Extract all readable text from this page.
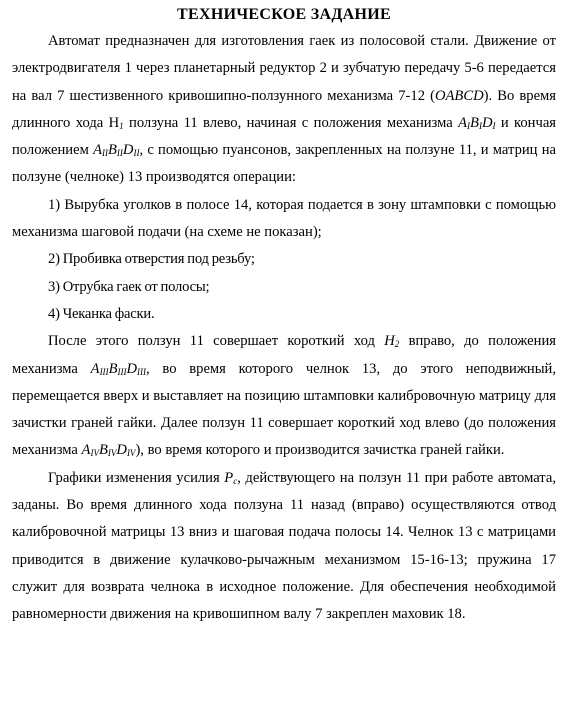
ТЕХНИЧЕСКОЕ ЗАДАНИЕ

Автомат предназначен для изготовления гаек из полосовой стали. Движение от электродвигателя 1 через планетарный редуктор 2 и зубчатую передачу 5-6 передается на вал 7 шестизвенного кривошипно-ползунного механизма 7-12 (OABCD). Во время длинного хода $H_1$ ползуна 11 влево, начиная с положения механизма $A_IB_ID_I$ и кончая положением $A_{II}B_{II}D_{II}$, с помощью пуансонов, закрепленных на ползуне 11, и матриц на ползуне (челноке) 13 производятся операции:

1) Вырубка уголков в полосе 14, которая подается в зону штамповки с помощью механизма шаговой подачи (на схеме не показан);

2) Пробивка отверстия под резьбу;

3) Отрубка гаек от полосы;

4) Чеканка фаски.

После этого ползун 11 совершает короткий ход $H_2$ вправо, до положения механизма $A_{III}B_{III}D_{III}$, во время которого челнок 13, до этого неподвижный, перемещается вверх и выставляет на позицию штамповки калибровочную матрицу для зачистки граней гайки. Далее ползун 11 совершает короткий ход влево (до положения механизма $A_{IV}B_{IV}D_{IV}$), во время которого и производится зачистка граней гайки.

Графики изменения усилия $P_c$, действующего на ползун 11 при работе автомата, заданы. Во время длинного хода ползуна 11 назад (вправо) осуществляются отвод калибровочной матрицы 13 вниз и шаговая подача полосы 14. Челнок 13 с матрицами приводится в движение кулачково-рычажным механизмом 15-16-13; пружина 17 служит для возврата челнока в исходное положение. Для обеспечения необходимой равномерности движения на кривошипном валу 7 закреплен маховик 18.
